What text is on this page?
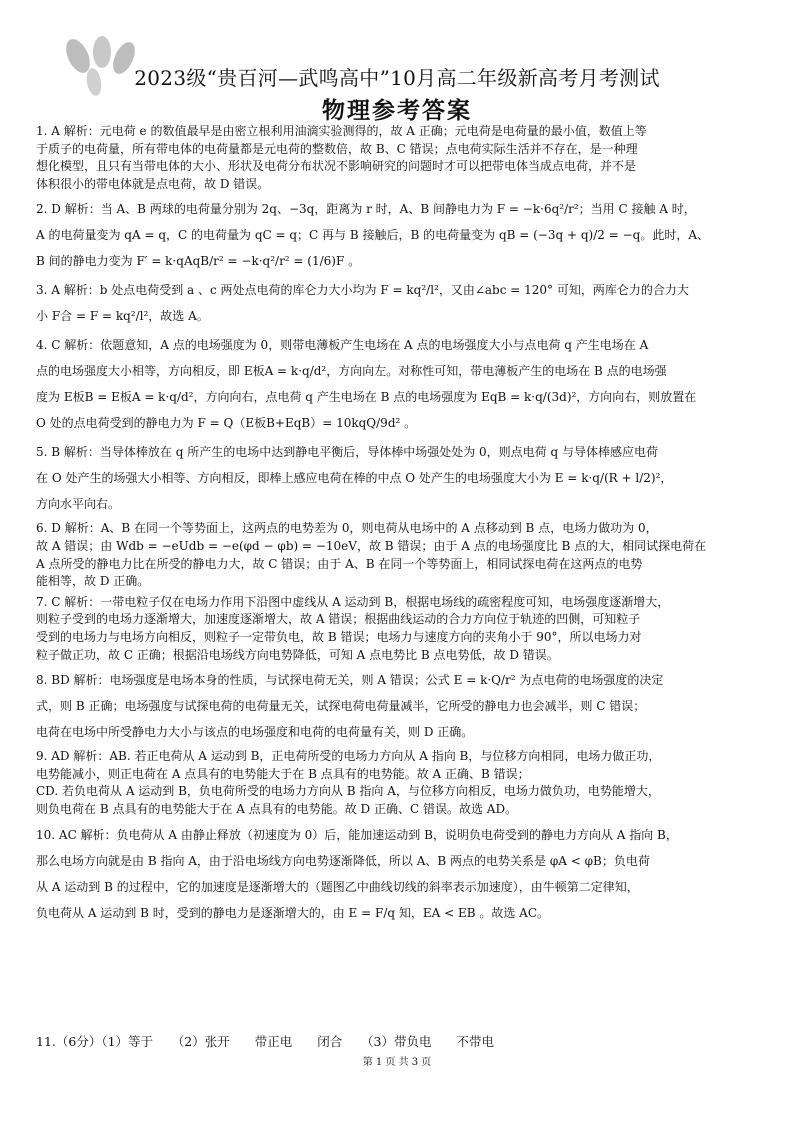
2023级“贵百河—武鸣高中”10月高二年级新高考月考测试
物理参考答案
1. A 解析：元电荷 e 的数值最早是由密立根利用油滴实验测得的，故 A 正确；元电荷是电荷量的最小值，数值上等
于质子的电荷量，所有带电体的电荷量都是元电荷的整数倍，故 B、C 错误；点电荷实际生活并不存在，是一种理
想化模型，且只有当带电体的大小、形状及电荷分布状况不影响研究的问题时才可以把带电体当成点电荷，并不是
体积很小的带电体就是点电荷，故 D 错误。
2. D 解析：当 A、B 两球的电荷量分别为 2q、−3q，距离为 r 时，A、B 间静电力为 F = −k·6q²/r²；当用 C 接触 A 时，
A 的电荷量变为 qA = q，C 的电荷量为 qC = q；C 再与 B 接触后，B 的电荷量变为 qB = (−3q + q)/2 = −q。此时，A、
B 间的静电力变为 F′ = k·qAqB/r² = −k·q²/r² = (1/6)F 。
3. A 解析：b 处点电荷受到 a 、c 两处点电荷的库仑力大小均为 F = kq²/l²，又由∠abc = 120° 可知，两库仑力的合力大
小 F合 = F = kq²/l²，故选 A。
4. C 解析：依题意知，A 点的电场强度为 0，则带电薄板产生电场在 A 点的电场强度大小与点电荷 q 产生电场在 A
点的电场强度大小相等，方向相反，即 E板A = k·q/d²，方向向左。对称性可知，带电薄板产生的电场在 B 点的电场强
度为 E板B = E板A = k·q/d²，方向向右，点电荷 q 产生电场在 B 点的电场强度为 EqB = k·q/(3d)²，方向向右，则放置在
O 处的点电荷受到的静电力为 F = Q（E板B+EqB）= 10kqQ/9d² 。
5. B 解析：当导体棒放在 q 所产生的电场中达到静电平衡后，导体棒中场强处处为 0，则点电荷 q 与导体棒感应电荷
在 O 处产生的场强大小相等、方向相反，即棒上感应电荷在棒的中点 O 处产生的电场强度大小为 E = k·q/(R + l/2)²，
方向水平向右。
6. D 解析：A、B 在同一个等势面上，这两点的电势差为 0，则电荷从电场中的 A 点移动到 B 点，电场力做功为 0，
故 A 错误；由 Wdb = −eUdb = −e(φd − φb) = −10eV，故 B 错误；由于 A 点的电场强度比 B 点的大，相同试探电荷在
A 点所受的静电力比在所受的静电力大，故 C 错误；由于 A、B 在同一个等势面上，相同试探电荷在这两点的电势
能相等，故 D 正确。
7. C 解析：一带电粒子仅在电场力作用下沿图中虚线从 A 运动到 B，根据电场线的疏密程度可知，电场强度逐渐增大，
则粒子受到的电场力逐渐增大，加速度逐渐增大，故 A 错误；根据曲线运动的合力方向位于轨迹的凹侧，可知粒子
受到的电场力与电场方向相反，则粒子一定带负电，故 B 错误；电场力与速度方向的夹角小于 90°，所以电场力对
粒子做正功，故 C 正确；根据沿电场线方向电势降低，可知 A 点电势比 B 点电势低，故 D 错误。
8. BD 解析：电场强度是电场本身的性质，与试探电荷无关，则 A 错误；公式 E = k·Q/r² 为点电荷的电场强度的决定
式，则 B 正确；电场强度与试探电荷的电荷量无关，试探电荷电荷量减半，它所受的静电力也会减半，则 C 错误；
电荷在电场中所受静电力大小与该点的电场强度和电荷的电荷量有关，则 D 正确。
9. AD 解析：AB. 若正电荷从 A 运动到 B，正电荷所受的电场力方向从 A 指向 B，与位移方向相同，电场力做正功，
电势能减小，则正电荷在 A 点具有的电势能大于在 B 点具有的电势能。故 A 正确、B 错误；
CD. 若负电荷从 A 运动到 B，负电荷所受的电场力方向从 B 指向 A，与位移方向相反，电场力做负功，电势能增大，
则负电荷在 B 点具有的电势能大于在 A 点具有的电势能。故 D 正确、C 错误。故选 AD。
10. AC 解析：负电荷从 A 由静止释放（初速度为 0）后，能加速运动到 B，说明负电荷受到的静电力方向从 A 指向 B，
那么电场方向就是由 B 指向 A，由于沿电场线方向电势逐渐降低，所以 A、B 两点的电势关系是 φA < φB；负电荷
从 A 运动到 B 的过程中，它的加速度是逐渐增大的（题图乙中曲线切线的斜率表示加速度），由牛顿第二定律知，
负电荷从 A 运动到 B 时，受到的静电力是逐渐增大的，由 E = F/q 知，EA < EB 。故选 AC。
11.（6分）（1）等于　　（2）张开　　带正电　　闭合　　（3）带负电　　不带电
第 1 页 共 3 页
